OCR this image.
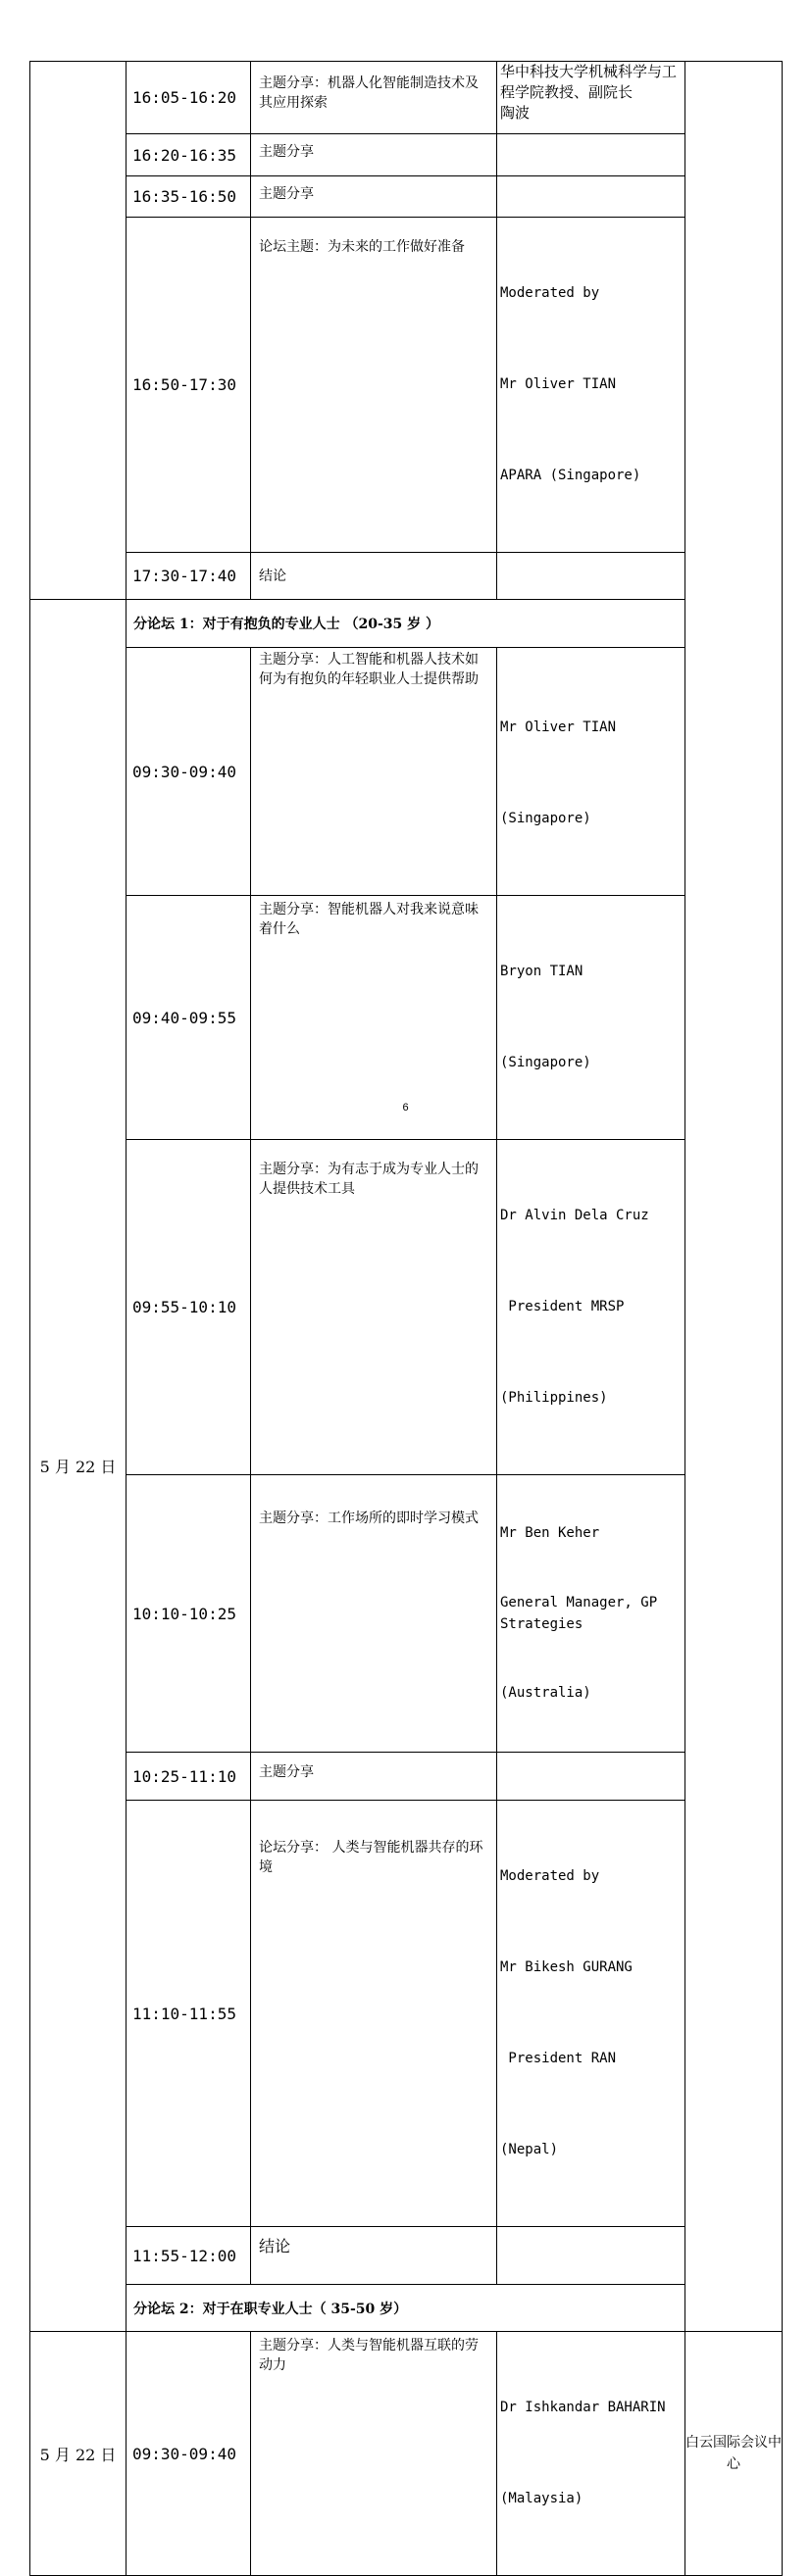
	16:05-16:20	主题分享：机器人化智能制造技术及其应用探索	华中科技大学机械科学与工程学院教授、副院长
陶波	

	16:20-16:35	主题分享		
	16:35-16:50	主题分享		
	16:50-17:30	论坛主题：为未来的工作做好准备	Moderated by

Mr Oliver TIAN

APARA (Singapore)	

	17:30-17:40	结论		
5 月 22 日	分论坛 1：对于有抱负的专业人士 （20-35 岁 ）			
	09:30-09:40	主题分享：人工智能和机器人技术如何为有抱负的年轻职业人士提供帮助	Mr Oliver TIAN

(Singapore)	

	09:40-09:55	主题分享：智能机器人对我来说意味着什么	Bryon TIAN

(Singapore)	

	09:55-10:10	主题分享：为有志于成为专业人士的人提供技术工具	Dr Alvin Dela Cruz

President MRSP

(Philippines)	

	10:10-10:25	主题分享：工作场所的即时学习模式	Mr Ben Keher

General Manager, GP Strategies

(Australia)	

	10:25-11:10	主题分享		
	11:10-11:55	论坛分享： 人类与智能机器共存的环境	Moderated by

Mr Bikesh GURANG

President RAN

(Nepal)	

	11:55-12:00	结论		
	分论坛 2：对于在职专业人士（ 35-50 岁）			
5 月 22 日	09:30-09:40	主题分享：人类与智能机器互联的劳动力	Dr Ishkandar BAHARIN

(Malaysia)	白云国际会议中心
6
